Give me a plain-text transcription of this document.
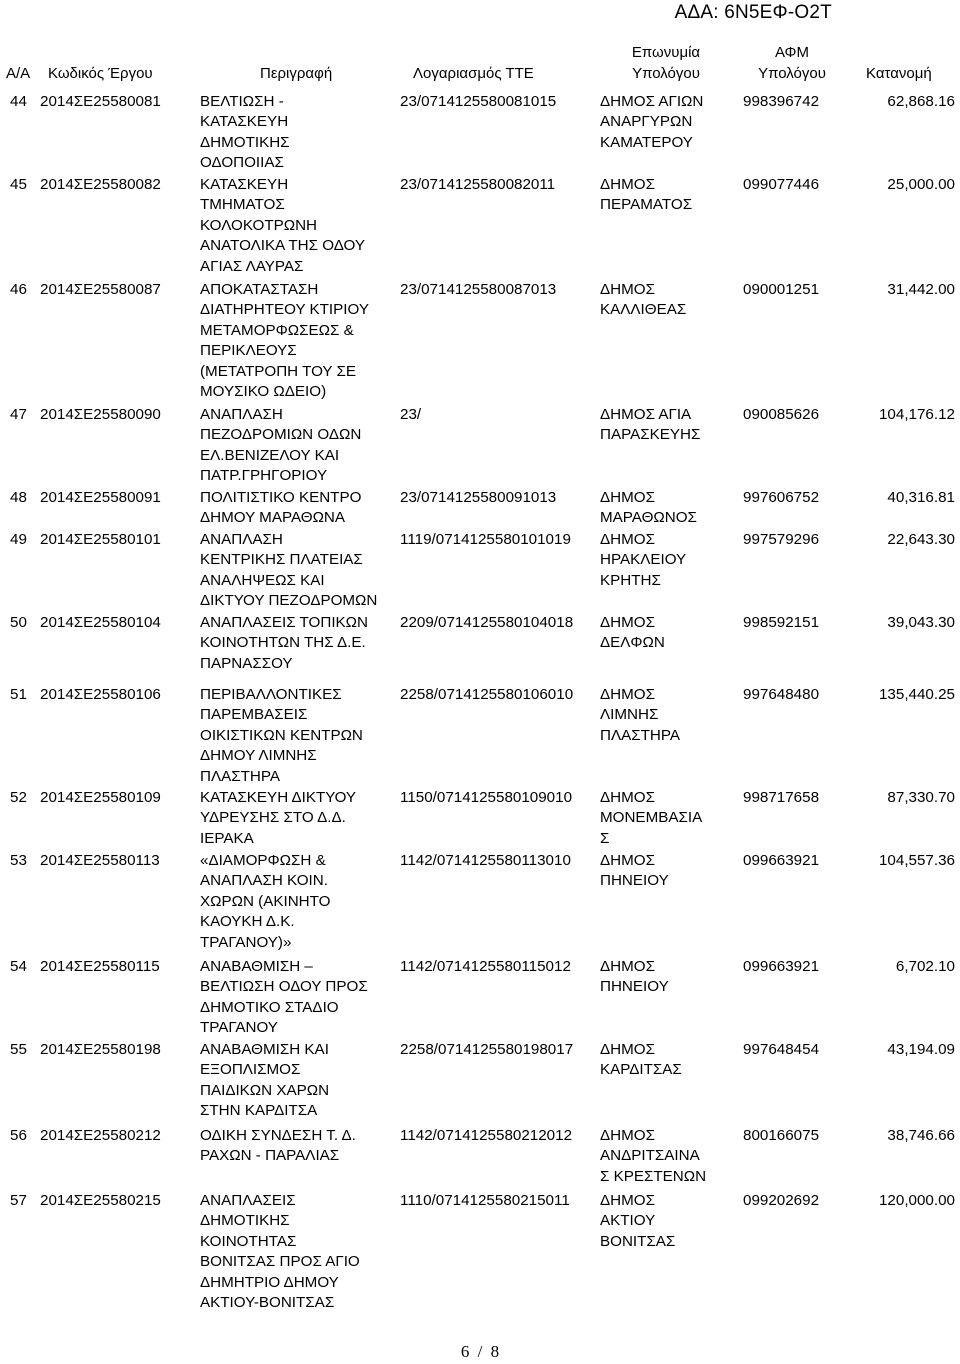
ΑΔΑ: 6Ν5ΕΦ-Ο2Τ
Α/Α Κωδικός Έργου	Περιγραφή	Λογαριασμός ΤΤΕ
Επωνυμία
Υπολόγου
ΑΦΜ
Υπολόγου	Κατανομή
44 2014ΣΕ25580081	ΒΕΛΤΙΩΣΗ -
ΚΑΤΑΣΚΕΥΗ
ΔΗΜΟΤΙΚΗΣ
ΟΔΟΠΟΙΙΑΣ
23/0714125580081015	ΔΗΜΟΣ ΑΓΙΩΝ
ΑΝΑΡΓΥΡΩΝ
ΚΑΜΑΤΕΡΟΥ
998396742	62,868.16
45 2014ΣΕ25580082	ΚΑΤΑΣΚΕΥΗ
ΤΜΗΜΑΤΟΣ
ΚΟΛΟΚΟΤΡΩΝΗ
ΑΝΑΤΟΛΙΚΑ ΤΗΣ ΟΔΟΥ
ΑΓΙΑΣ ΛΑΥΡΑΣ
23/0714125580082011	ΔΗΜΟΣ
ΠΕΡΑΜΑΤΟΣ
099077446	25,000.00
46 2014ΣΕ25580087	ΑΠΟΚΑΤΑΣΤΑΣΗ
ΔΙΑΤΗΡΗΤΕΟΥ ΚΤΙΡΙΟΥ
ΜΕΤΑΜΟΡΦΩΣΕΩΣ &
ΠΕΡΙΚΛΕΟΥΣ
(ΜΕΤΑΤΡΟΠΗ ΤΟΥ ΣΕ
ΜΟΥΣΙΚΟ ΩΔΕΙΟ)
23/0714125580087013	ΔΗΜΟΣ
ΚΑΛΛΙΘΕΑΣ
090001251	31,442.00
47 2014ΣΕ25580090	ΑΝΑΠΛΑΣΗ
ΠΕΖΟΔΡΟΜΙΩΝ ΟΔΩΝ
ΕΛ.ΒΕΝΙΖΕΛΟΥ ΚΑΙ
ΠΑΤΡ.ΓΡΗΓΟΡΙΟΥ
23/	ΔΗΜΟΣ ΑΓΙΑ
ΠΑΡΑΣΚΕΥΗΣ
090085626	104,176.12
48 2014ΣΕ25580091	ΠΟΛΙΤΙΣΤΙΚΟ ΚΕΝΤΡΟ
ΔΗΜΟΥ ΜΑΡΑΘΩΝΑ
23/0714125580091013	ΔΗΜΟΣ
ΜΑΡΑΘΩΝΟΣ
997606752	40,316.81
49 2014ΣΕ25580101	ΑΝΑΠΛΑΣΗ
ΚΕΝΤΡΙΚΗΣ ΠΛΑΤΕΙΑΣ
ΑΝΑΛΗΨΕΩΣ ΚΑΙ
ΔΙΚΤΥΟΥ ΠΕΖΟΔΡΟΜΩΝ
1119/0714125580101019	ΔΗΜΟΣ
ΗΡΑΚΛΕΙΟΥ
ΚΡΗΤΗΣ
997579296	22,643.30
50 2014ΣΕ25580104	ΑΝΑΠΛΑΣΕΙΣ ΤΟΠΙΚΩΝ
ΚΟΙΝΟΤΗΤΩΝ ΤΗΣ Δ.Ε.
ΠΑΡΝΑΣΣΟΥ
2209/0714125580104018	ΔΗΜΟΣ
ΔΕΛΦΩΝ
998592151	39,043.30
51 2014ΣΕ25580106	ΠΕΡΙΒΑΛΛΟΝΤΙΚΕΣ
ΠΑΡΕΜΒΑΣΕΙΣ
ΟΙΚΙΣΤΙΚΩΝ ΚΕΝΤΡΩΝ
ΔΗΜΟΥ ΛΙΜΝΗΣ
ΠΛΑΣΤΗΡΑ
2258/0714125580106010	ΔΗΜΟΣ
ΛΙΜΝΗΣ
ΠΛΑΣΤΗΡΑ
997648480	135,440.25
52 2014ΣΕ25580109	ΚΑΤΑΣΚΕΥΗ ΔΙΚΤΥΟΥ
ΥΔΡΕΥΣΗΣ ΣΤΟ Δ.Δ.
ΙΕΡΑΚΑ
1150/0714125580109010	ΔΗΜΟΣ
ΜΟΝΕΜΒΑΣΙΑ
Σ
998717658	87,330.70
53 2014ΣΕ25580113	«ΔΙΑΜΟΡΦΩΣΗ &
ΑΝΑΠΛΑΣΗ ΚΟΙΝ.
ΧΩΡΩΝ (ΑΚΙΝΗΤΟ
ΚΑΟΥΚΗ Δ.Κ.
ΤΡΑΓΑΝΟΥ)»
1142/0714125580113010	ΔΗΜΟΣ
ΠΗΝΕΙΟΥ
099663921	104,557.36
54 2014ΣΕ25580115	ΑΝΑΒΑΘΜΙΣΗ –
ΒΕΛΤΙΩΣΗ ΟΔΟΥ ΠΡΟΣ
ΔΗΜΟΤΙΚΟ ΣΤΑΔΙΟ
ΤΡΑΓΑΝΟΥ
1142/0714125580115012	ΔΗΜΟΣ
ΠΗΝΕΙΟΥ
099663921	6,702.10
55 2014ΣΕ25580198	ΑΝΑΒΑΘΜΙΣΗ ΚΑΙ
ΕΞΟΠΛΙΣΜΟΣ
ΠΑΙΔΙΚΩΝ ΧΑΡΩΝ
ΣΤΗΝ ΚΑΡΔΙΤΣΑ
2258/0714125580198017	ΔΗΜΟΣ
ΚΑΡΔΙΤΣΑΣ
997648454	43,194.09
56 2014ΣΕ25580212	ΟΔΙΚΗ ΣΥΝΔΕΣΗ Τ. Δ.
ΡΑΧΩΝ - ΠΑΡΑΛΙΑΣ
1142/0714125580212012	ΔΗΜΟΣ
ΑΝΔΡΙΤΣΑΙΝΑ
Σ ΚΡΕΣΤΕΝΩΝ
800166075	38,746.66
57 2014ΣΕ25580215	ΑΝΑΠΛΑΣΕΙΣ
ΔΗΜΟΤΙΚΗΣ
ΚΟΙΝΟΤΗΤΑΣ
ΒΟΝΙΤΣΑΣ ΠΡΟΣ ΑΓΙΟ
ΔΗΜΗΤΡΙΟ ΔΗΜΟΥ
ΑΚΤΙΟΥ-ΒΟΝΙΤΣΑΣ
1110/0714125580215011	ΔΗΜΟΣ
ΑΚΤΙΟΥ
ΒΟΝΙΤΣΑΣ
099202692	120,000.00
6 / 8
